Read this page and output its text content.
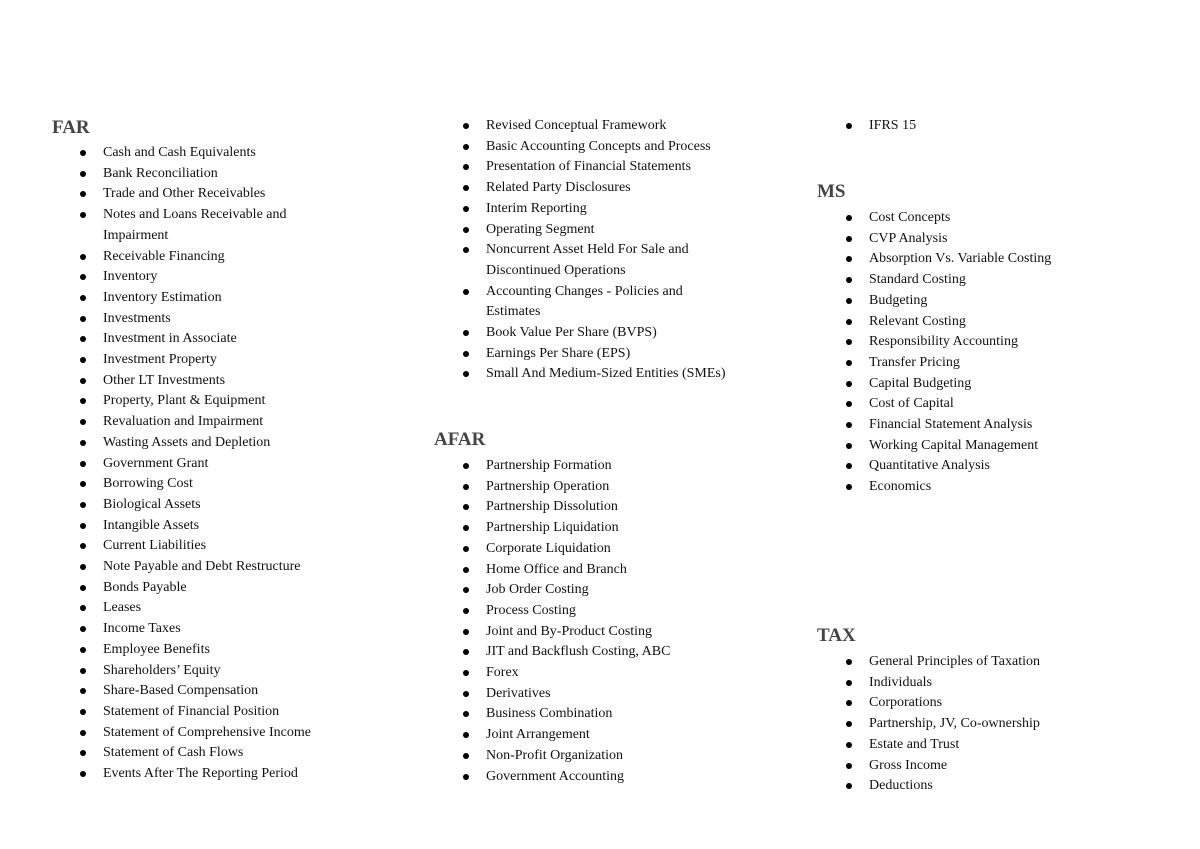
FAR
Cash and Cash Equivalents
Bank Reconciliation
Trade and Other Receivables
Notes and Loans Receivable and Impairment
Receivable Financing
Inventory
Inventory Estimation
Investments
Investment in Associate
Investment Property
Other LT Investments
Property, Plant & Equipment
Revaluation and Impairment
Wasting Assets and Depletion
Government Grant
Borrowing Cost
Biological Assets
Intangible Assets
Current Liabilities
Note Payable and Debt Restructure
Bonds Payable
Leases
Income Taxes
Employee Benefits
Shareholders’ Equity
Share-Based Compensation
Statement of Financial Position
Statement of Comprehensive Income
Statement of Cash Flows
Events After The Reporting Period
Revised Conceptual Framework
Basic Accounting Concepts and Process
Presentation of Financial Statements
Related Party Disclosures
Interim Reporting
Operating Segment
Noncurrent Asset Held For Sale and Discontinued Operations
Accounting Changes - Policies and Estimates
Book Value Per Share (BVPS)
Earnings Per Share (EPS)
Small And Medium-Sized Entities (SMEs)
AFAR
Partnership Formation
Partnership Operation
Partnership Dissolution
Partnership Liquidation
Corporate Liquidation
Home Office and Branch
Job Order Costing
Process Costing
Joint and By-Product Costing
JIT and Backflush Costing, ABC
Forex
Derivatives
Business Combination
Joint Arrangement
Non-Profit Organization
Government Accounting
IFRS 15
MS
Cost Concepts
CVP Analysis
Absorption Vs. Variable Costing
Standard Costing
Budgeting
Relevant Costing
Responsibility Accounting
Transfer Pricing
Capital Budgeting
Cost of Capital
Financial Statement Analysis
Working Capital Management
Quantitative Analysis
Economics
TAX
General Principles of Taxation
Individuals
Corporations
Partnership, JV, Co-ownership
Estate and Trust
Gross Income
Deductions
